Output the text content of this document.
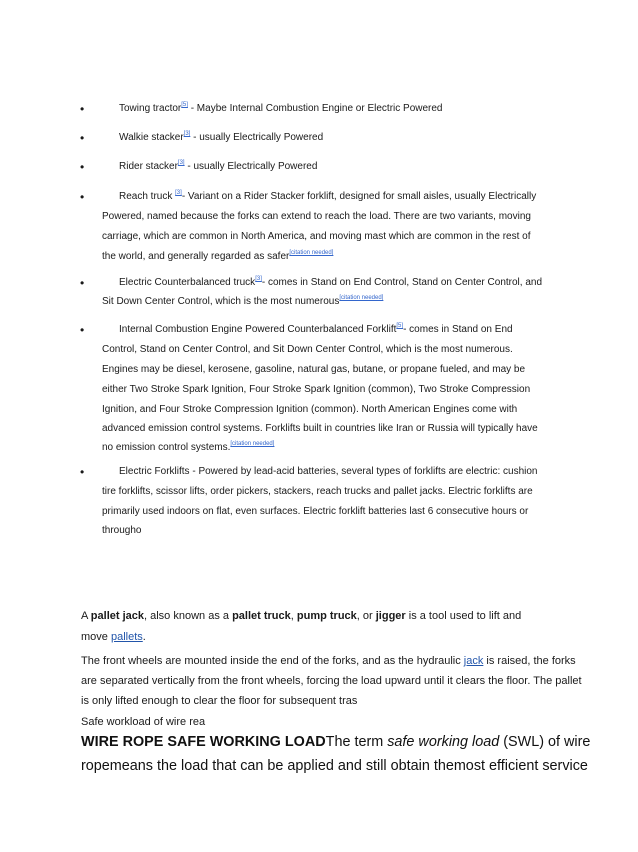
•	Towing tractor[5] - Maybe Internal Combustion Engine or Electric Powered
•	Walkie stacker[3] - usually Electrically Powered
•	Rider stacker[3] - usually Electrically Powered
•	Reach truck [3]- Variant on a Rider Stacker forklift, designed for small aisles, usually Electrically
Powered, named because the forks can extend to reach the load. There are two variants, moving
carriage, which are common in North America, and moving mast which are common in the rest of
the world, and generally regarded as safer[citation needed]
•	Electric Counterbalanced truck[3]- comes in Stand on End Control, Stand on Center Control, and
Sit Down Center Control, which is the most numerous[citation needed]
•	Internal Combustion Engine Powered Counterbalanced Forklift[5]- comes in Stand on End
Control, Stand on Center Control, and Sit Down Center Control, which is the most numerous.
Engines may be diesel, kerosene, gasoline, natural gas, butane, or propane fueled, and may be
either Two Stroke Spark Ignition, Four Stroke Spark Ignition (common), Two Stroke Compression
Ignition, and Four Stroke Compression Ignition (common). North American Engines come with
advanced emission control systems. Forklifts built in countries like Iran or Russia will typically have
no emission control systems.[citation needed]
•	Electric Forklifts - Powered by lead-acid batteries, several types of forklifts are electric: cushion
tire forklifts, scissor lifts, order pickers, stackers, reach trucks and pallet jacks. Electric forklifts are
primarily used indoors on flat, even surfaces. Electric forklift batteries last 6 consecutive hours or
througho
A pallet jack, also known as a pallet truck, pump truck, or jigger is a tool used to lift and
move pallets.
The front wheels are mounted inside the end of the forks, and as the hydraulic jack is raised, the forks
are separated vertically from the front wheels, forcing the load upward until it clears the floor. The pallet
is only lifted enough to clear the floor for subsequent tras
Safe workload of wire rea
WIRE ROPE SAFE WORKING LOADThe term safe working load (SWL) of wire
ropemeans the load that can be applied and still obtain themost efficient service
